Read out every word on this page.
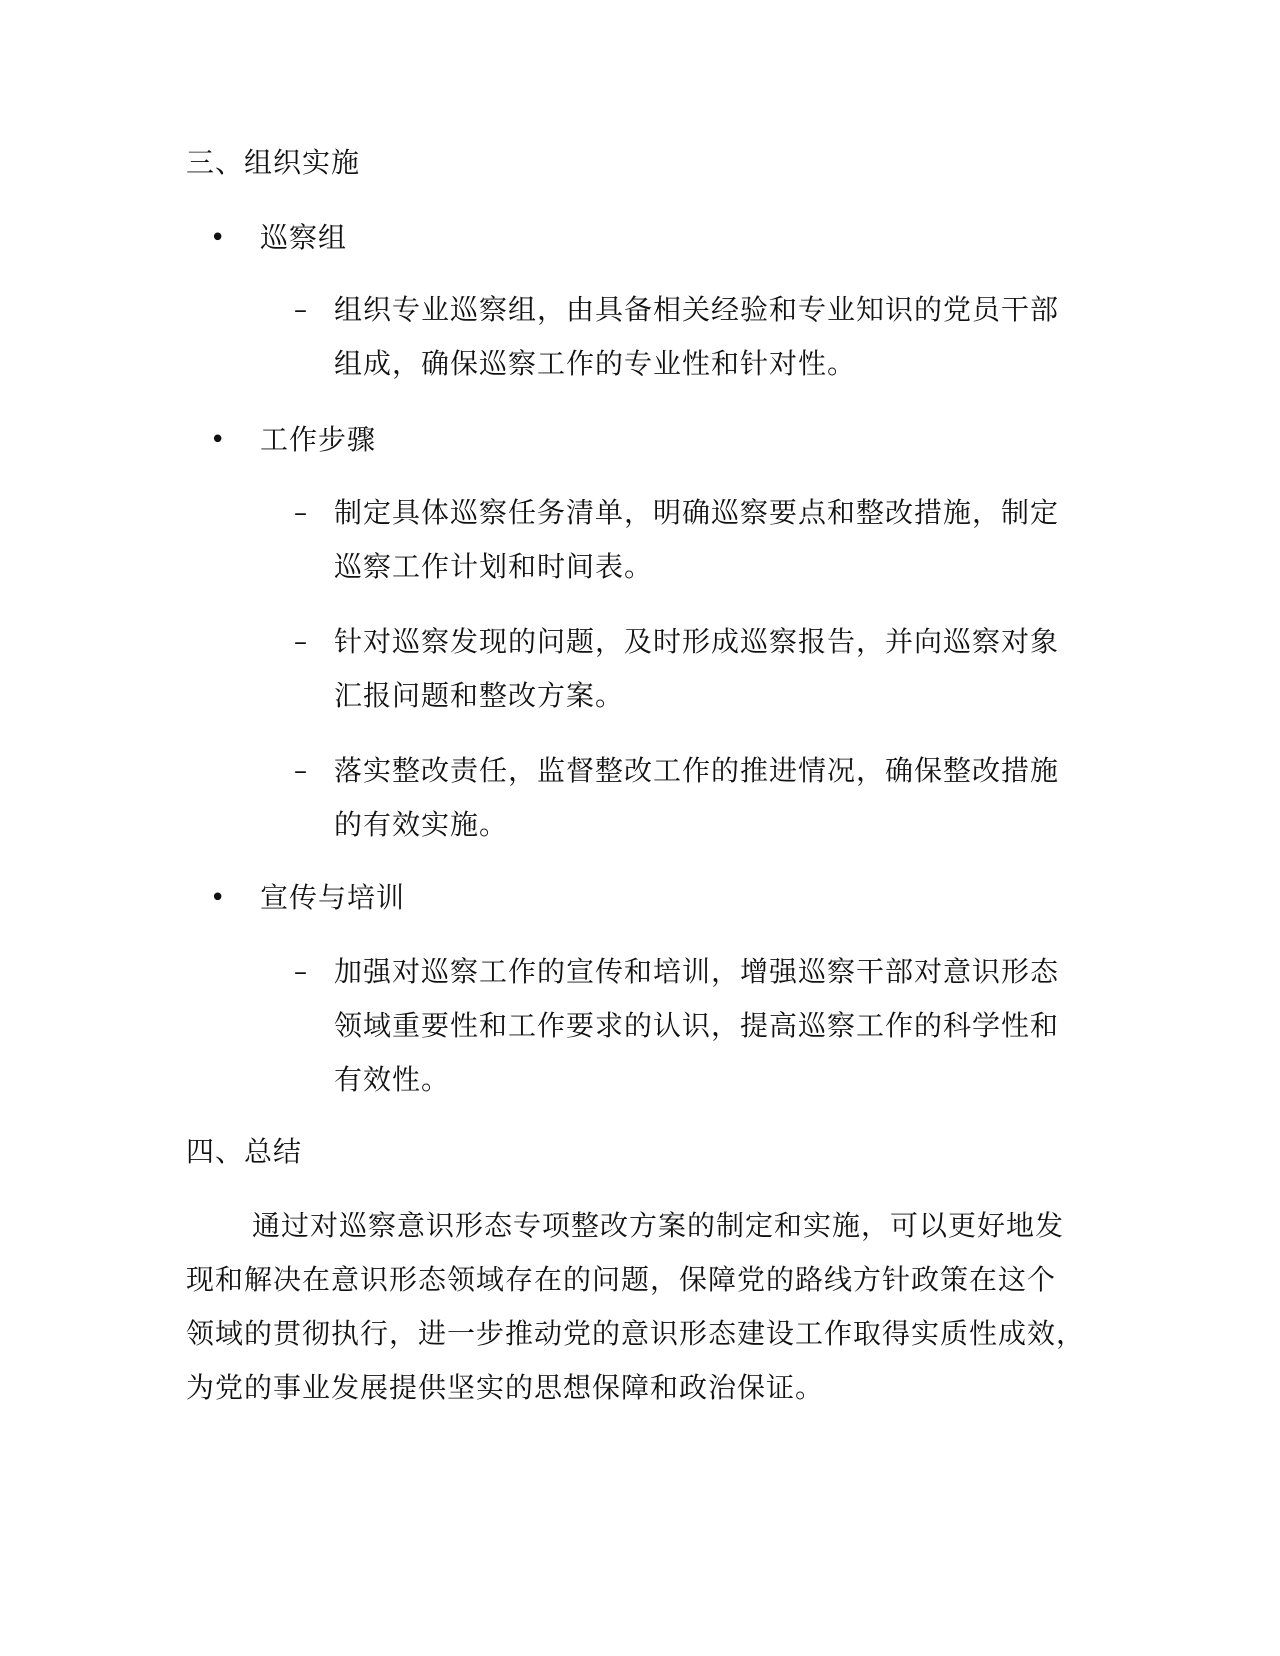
三、组织实施
• 巡察组
– 组织专业巡察组，由具备相关经验和专业知识的党员干部
组成，确保巡察工作的专业性和针对性。
• 工作步骤
– 制定具体巡察任务清单，明确巡察要点和整改措施，制定
巡察工作计划和时间表。
– 针对巡察发现的问题，及时形成巡察报告，并向巡察对象
汇报问题和整改方案。
– 落实整改责任，监督整改工作的推进情况，确保整改措施
的有效实施。
• 宣传与培训
– 加强对巡察工作的宣传和培训，增强巡察干部对意识形态
领域重要性和工作要求的认识，提高巡察工作的科学性和
有效性。
四、总结
通过对巡察意识形态专项整改方案的制定和实施，可以更好地发
现和解决在意识形态领域存在的问题，保障党的路线方针政策在这个
领域的贯彻执行，进一步推动党的意识形态建设工作取得实质性成效，
为党的事业发展提供坚实的思想保障和政治保证。
